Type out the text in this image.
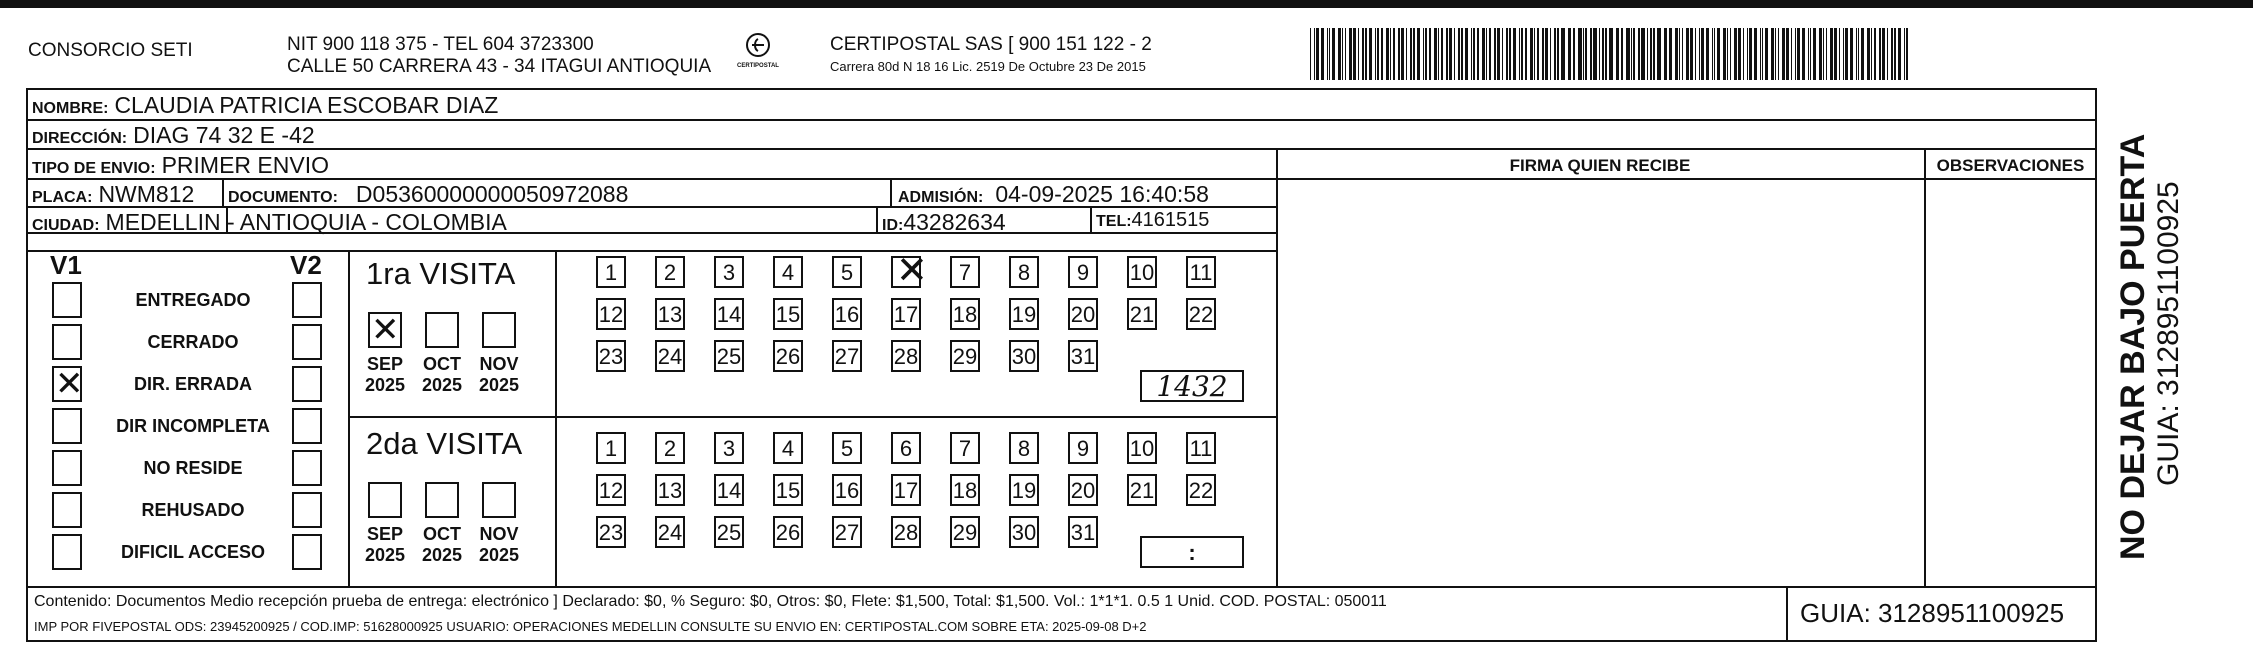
CONSORCIO SETI	NIT 900 118 375 - TEL 604 3723300
CALLE 50 CARRERA 43 - 34 ITAGUI ANTIOQUIA	CERTIPOSTAL
CERTIPOSTAL SAS [ 900 151 122 - 2
Carrera 80d N 18 16 Lic. 2519 De Octubre 23 De 2015
NOMBRE: CLAUDIA PATRICIA ESCOBAR DIAZ
DIRECCIÓN: DIAG 74 32 E -42
TIPO DE ENVIO: PRIMER ENVIO
PLACA: NWM812 DOCUMENTO: D05360000000050972088	ADMISIÓN: 04-09-2025 16:40:58
CIUDAD: MEDELLIN - ANTIOQUIA - COLOMBIA	ID: 43282634	TEL: 4161515
FIRMA QUIEN RECIBE	OBSERVACIONES
V1	V2
ENTREGADO
CERRADO
✕
DIR. ERRADA
DIR INCOMPLETA
NO RESIDE
REHUSADO
DIFICIL ACCESO
1ra VISITA
✕
SEP
2025
OCT
2025
NOV
2025
1	2	3	4	5
✕	7	8	9	10 11
12 13 14 15 16 17 18 19 20 21 22
23 24 25 26 27 28 29 30 31
1432
2da VISITA
SEP
2025
OCT
2025
NOV
2025
1	2	3	4	5	6	7	8	9	10 11
12 13 14 15 16 17 18 19 20 21 22
23 24 25 26 27 28 29 30 31
:
Contenido: Documentos Medio recepción prueba de entrega: electrónico ] Declarado: $0, % Seguro: $0, Otros: $0, Flete: $1,500, Total: $1,500. Vol.: 1*1*1. 0.5 1 Unid. COD. POSTAL: 050011
IMP POR FIVEPOSTAL ODS: 23945200925 / COD.IMP: 51628000925 USUARIO: OPERACIONES MEDELLIN CONSULTE SU ENVIO EN: CERTIPOSTAL.COM SOBRE ETA: 2025-09-08 D+2	GUIA: 3128951100925
NO DEJAR BAJO PUERTA GUIA: 3128951100925
